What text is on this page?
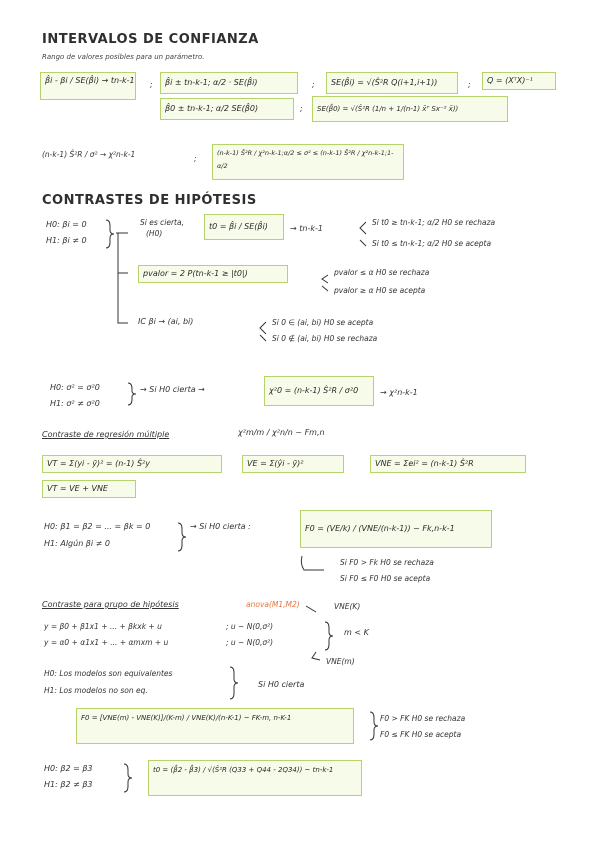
INTERVALOS DE CONFIANZA
Rango de valores posibles para un parámetro.
β̂i - βi / SE(β̂i) → tn-k-1 ;	β̂i ± tn-k-1; α/2 · SE(β̂i)	;	SE(β̂i) = √(Ŝ²R Q(i+1,i+1))	;	Q = (XᵀX)⁻¹
β̂0 ± tn-k-1; α/2 SE(β̂0)	;	SE(β̂0) = √(Ŝ²R (1/n + 1/(n-1) x̄ᵀ Sx⁻² x̄))
(n-k-1) Ŝ²R / σ² → χ²n-k-1	;
(n-k-1) Ŝ²R / χ²n-k-1;α/2 ≤ σ² ≤ (n-k-1) Ŝ²R / χ²n-k-1;1-α/2
CONTRASTES DE HIPÓTESIS
H0: βi = 0
H1: βi ≠ 0
Si es cierta,
(H0)
t0 = β̂i / SE(β̂i)	→ tn-k-1
Si t0 ≥ tn-k-1; α/2 H0 se rechaza
Si t0 ≤ tn-k-1; α/2 H0 se acepta
pvalor = 2 P(tn-k-1 ≥ |t0|)	pvalor ≤ α H0 se rechaza
pvalor ≥ α H0 se acepta
IC βi → (ai, bi)	Si 0 ∈ (ai, bi) H0 se acepta
Si 0 ∉ (ai, bi) H0 se rechaza
H0: σ² = σ²0
H1: σ² ≠ σ²0
→ Si H0 cierta →	χ²0 = (n-k-1) Ŝ²R / σ²0	→ χ²n-k-1
Contraste de regresión múltiple	χ²m/m / χ²n/n ~ Fm,n
VT = Σ(yi - ȳ)² = (n-1) Ŝ²y	VE = Σ(ŷi - ȳ)²	VNE = Σei² = (n-k-1) Ŝ²R
VT = VE + VNE
H0: β1 = β2 = ... = βk = 0
H1: Algún βi ≠ 0
→ Si H0 cierta :	F0 = (VE/k) / (VNE/(n-k-1)) ~ Fk,n-k-1
Si F0 > Fk H0 se rechaza
Si F0 ≤ F0 H0 se acepta
Contraste para grupo de hipótesis	anova(M1,M2)	VNE(K)
y = β0 + β1x1 + ... + βkxk + u	; u ~ N(0,σ²)
y = α0 + α1x1 + ... + αmxm + u	; u ~ N(0,σ²)
m < K
VNE(m)
H0: Los modelos son equivalentes
H1: Los modelos no son eq.
Si H0 cierta
F0 = [VNE(m) - VNE(K)]/(K-m) / VNE(K)/(n-K-1) ~ FK-m, n-K-1	F0 > FK H0 se rechaza
F0 ≤ FK H0 se acepta
H0: β2 = β3
H1: β2 ≠ β3
t0 = (β̂2 - β̂3) / √(Ŝ²R (Q33 + Q44 - 2Q34)) ~ tn-k-1
